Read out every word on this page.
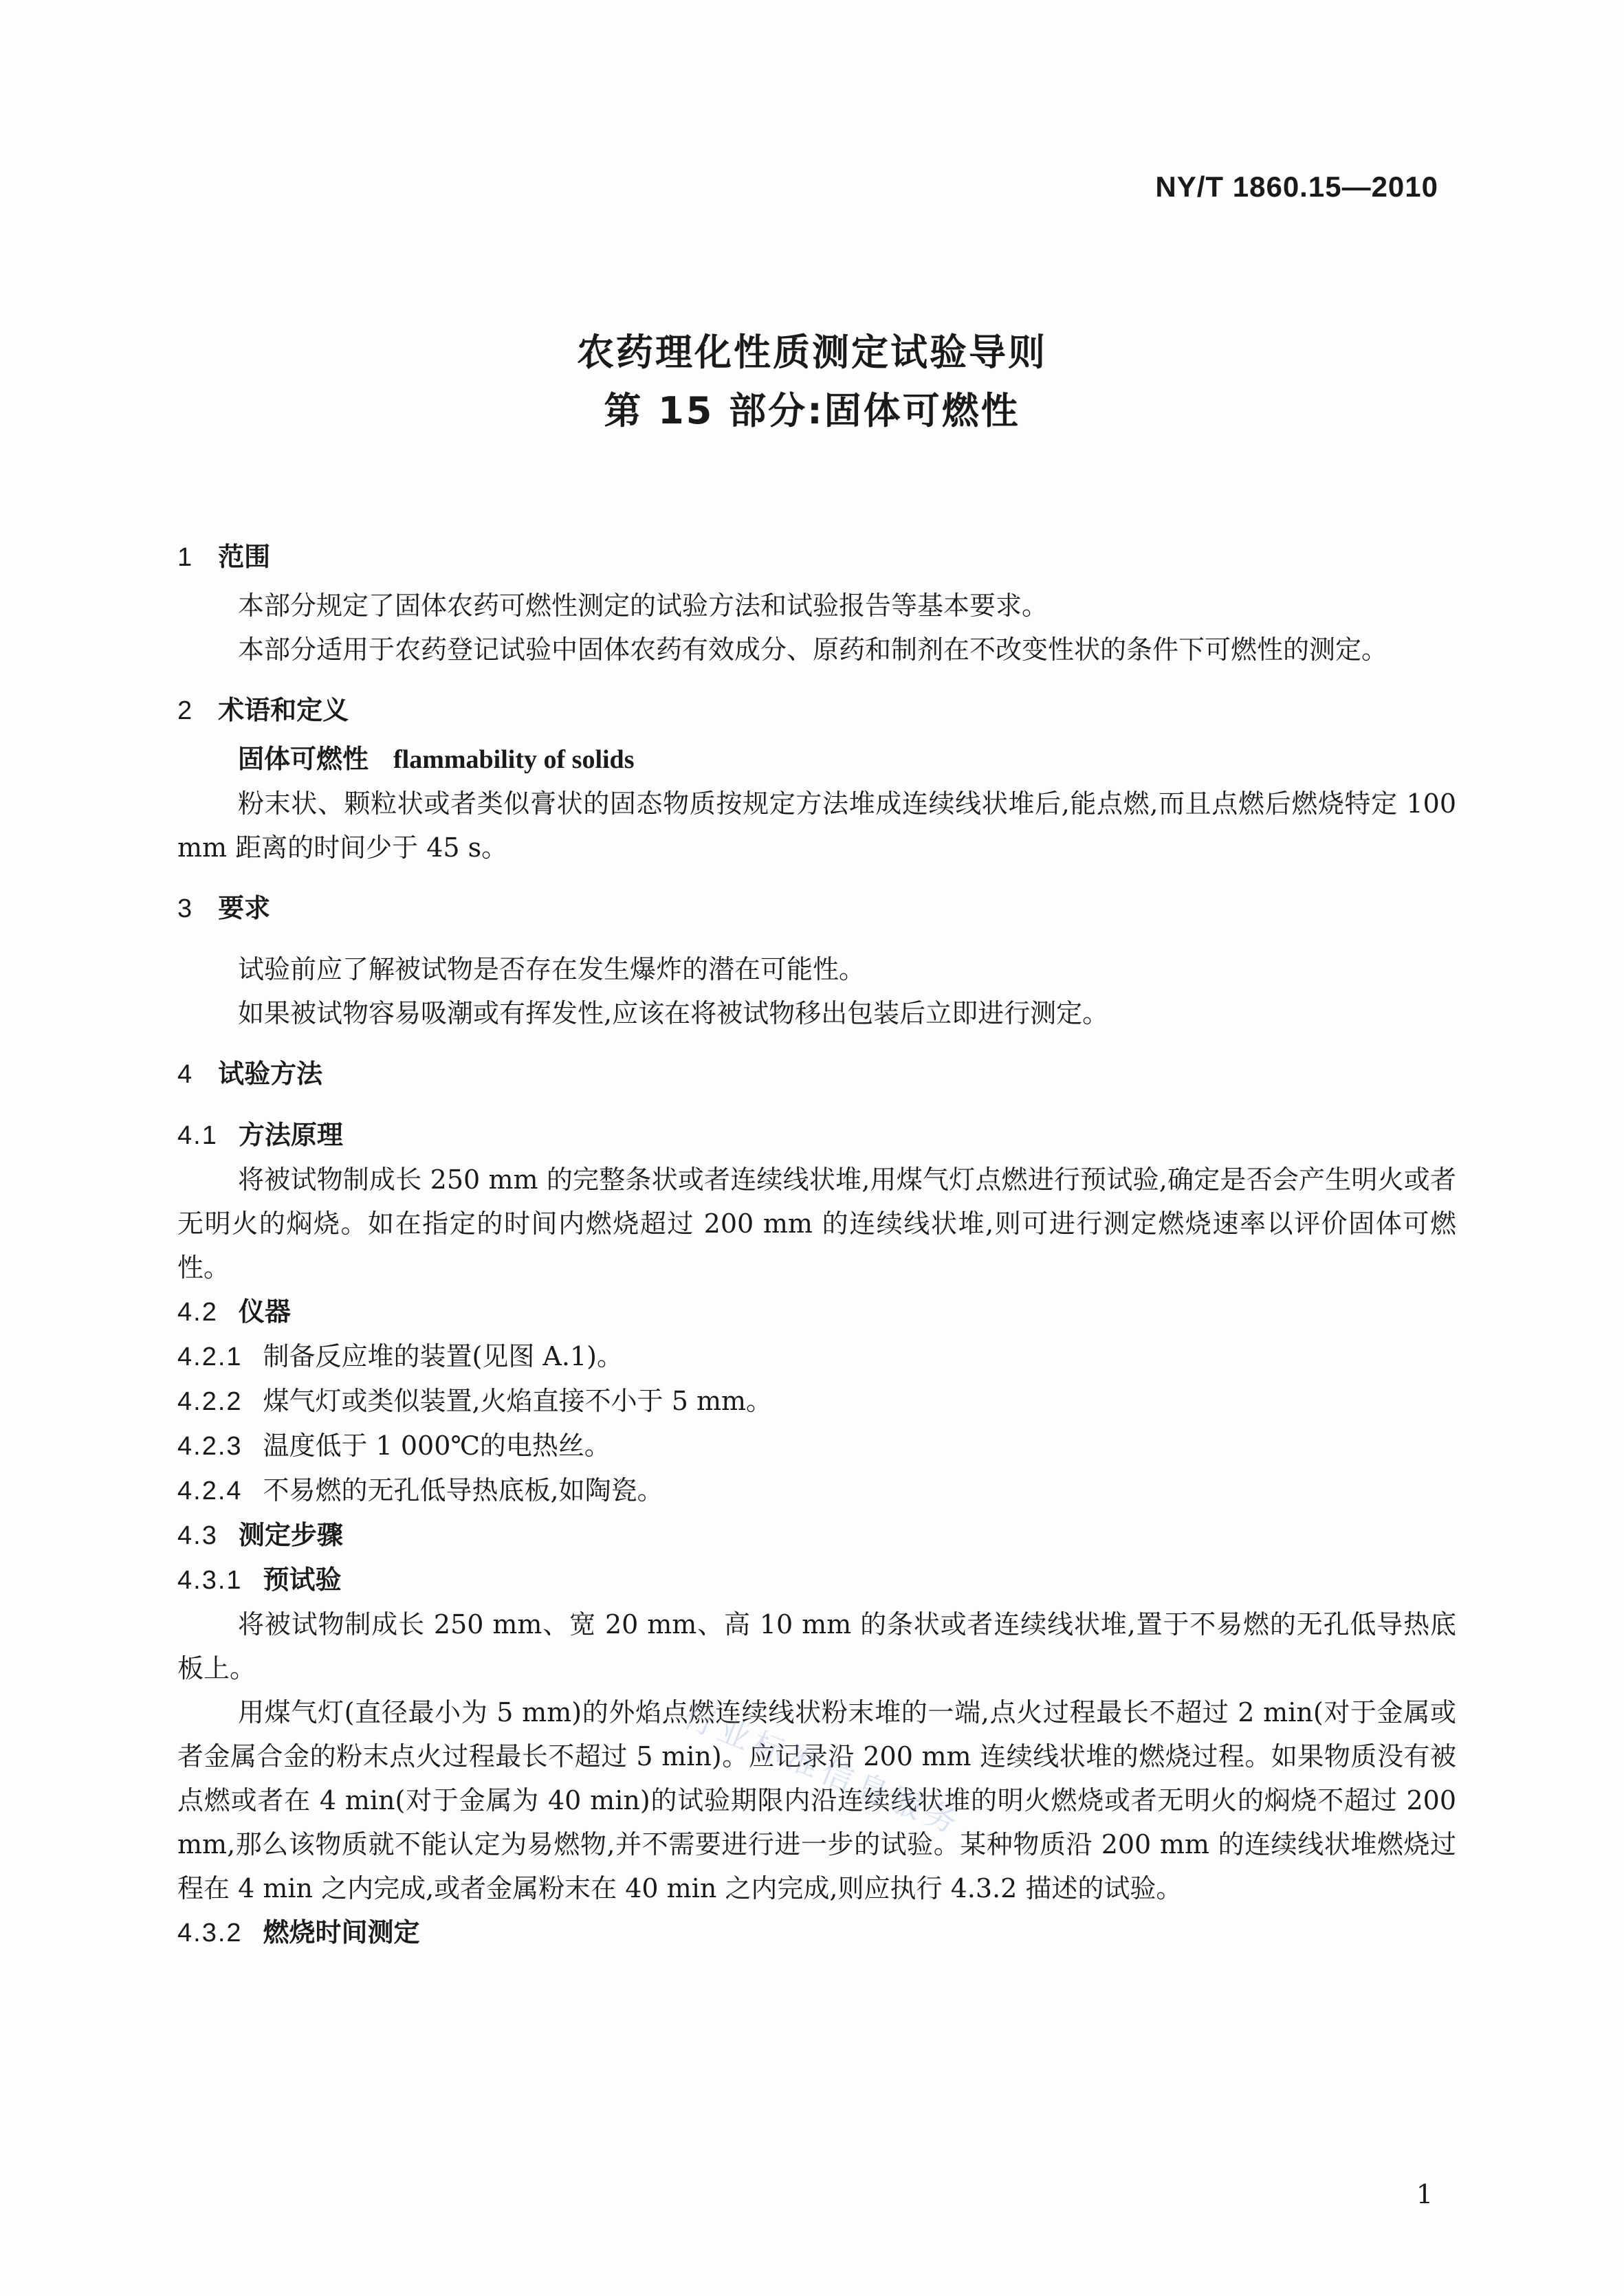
NY/T 1860.15—2010
农药理化性质测定试验导则
第 15 部分:固体可燃性
1 范围

本部分规定了固体农药可燃性测定的试验方法和试验报告等基本要求。

本部分适用于农药登记试验中固体农药有效成分、原药和制剂在不改变性状的条件下可燃性的测定。

2 术语和定义
固体可燃性 flammability of solids

粉末状、颗粒状或者类似膏状的固态物质按规定方法堆成连续线状堆后,能点燃,而且点燃后燃烧特定 100 mm 距离的时间少于 45 s。

3 要求

试验前应了解被试物是否存在发生爆炸的潜在可能性。

如果被试物容易吸潮或有挥发性,应该在将被试物移出包装后立即进行测定。

4 试验方法
4.1 方法原理

将被试物制成长 250 mm 的完整条状或者连续线状堆,用煤气灯点燃进行预试验,确定是否会产生明火或者无明火的焖烧。如在指定的时间内燃烧超过 200 mm 的连续线状堆,则可进行测定燃烧速率以评价固体可燃性。

4.2 仪器
4.2.1 制备反应堆的装置(见图 A.1)。
4.2.2 煤气灯或类似装置,火焰直接不小于 5 mm。
4.2.3 温度低于 1 000℃的电热丝。
4.2.4 不易燃的无孔低导热底板,如陶瓷。
4.3 测定步骤
4.3.1 预试验

将被试物制成长 250 mm、宽 20 mm、高 10 mm 的条状或者连续线状堆,置于不易燃的无孔低导热底板上。

用煤气灯(直径最小为 5 mm)的外焰点燃连续线状粉末堆的一端,点火过程最长不超过 2 min(对于金属或者金属合金的粉末点火过程最长不超过 5 min)。应记录沿 200 mm 连续线状堆的燃烧过程。如果物质没有被点燃或者在 4 min(对于金属为 40 min)的试验期限内沿连续线状堆的明火燃烧或者无明火的焖烧不超过 200 mm,那么该物质就不能认定为易燃物,并不需要进行进一步的试验。某种物质沿 200 mm 的连续线状堆燃烧过程在 4 min 之内完成,或者金属粉末在 40 min 之内完成,则应执行 4.3.2 描述的试验。

4.3.2 燃烧时间测定
行业标准信息服务
1
